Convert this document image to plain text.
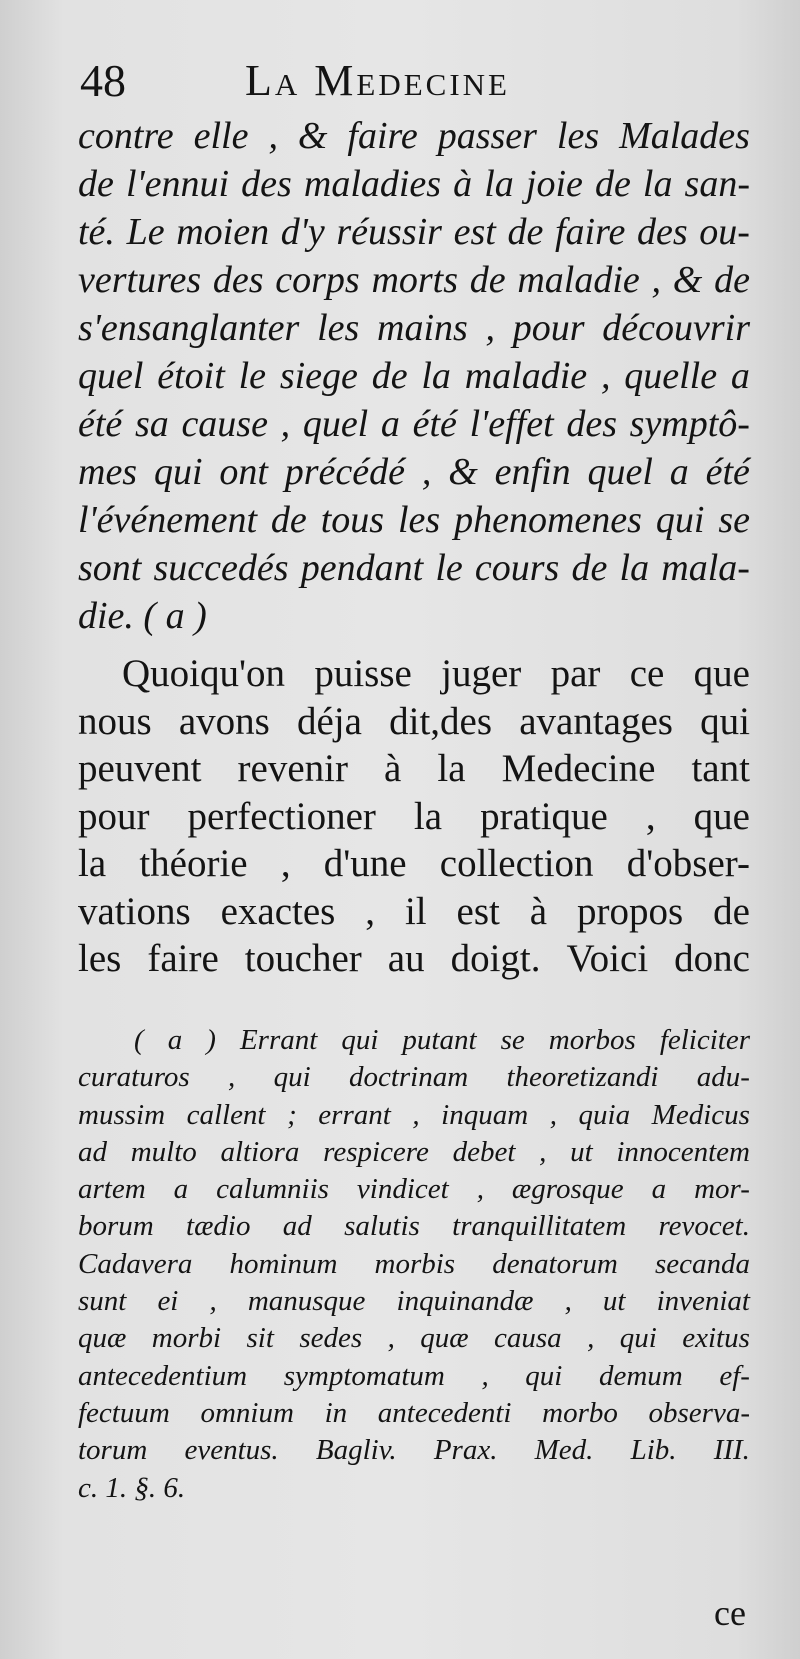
48	La Medecine
contre elle , & faire passer les Malades
de l'ennui des maladies à la joie de la san-
té. Le moien d'y réussir est de faire des ou-
vertures des corps morts de maladie , & de
s'ensanglanter les mains , pour découvrir
quel étoit le siege de la maladie , quelle a
été sa cause , quel a été l'effet des symptô-
mes qui ont précédé , & enfin quel a été
l'événement de tous les phenomenes qui se
sont succedés pendant le cours de la mala-
die. ( a )
Quoiqu'on puisse juger par ce que
nous avons déja dit,des avantages qui
peuvent revenir à la Medecine tant
pour perfectioner la pratique , que
la théorie , d'une collection d'obser-
vations exactes , il est à propos de
les faire toucher au doigt. Voici donc
( a ) Errant qui putant se morbos feliciter
curaturos , qui doctrinam theoretizandi adu-
mussim callent ; errant , inquam , quia Medicus
ad multo altiora respicere debet , ut innocentem
artem a calumniis vindicet , ægrosque a mor-
borum tædio ad salutis tranquillitatem revocet.
Cadavera hominum morbis denatorum secanda
sunt ei , manusque inquinandæ , ut inveniat
quæ morbi sit sedes , quæ causa , qui exitus
antecedentium symptomatum , qui demum ef-
fectuum omnium in antecedenti morbo observa-
torum eventus. Bagliv. Prax. Med. Lib. III.
c. 1. §. 6.
ce
